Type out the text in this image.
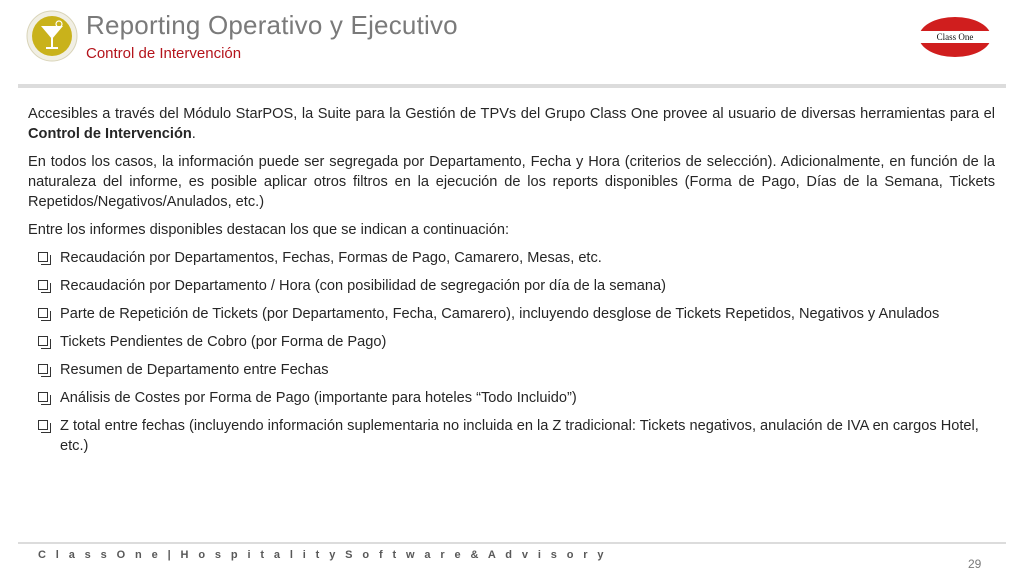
Reporting Operativo y Ejecutivo
Control de Intervención
Class One

Accesibles a través del Módulo StarPOS, la Suite para la Gestión de TPVs del Grupo Class One provee al usuario de diversas herramientas para el Control de Intervención.

En todos los casos, la información puede ser segregada por Departamento, Fecha y Hora (criterios de selección). Adicionalmente, en función de la naturaleza del informe, es posible aplicar otros filtros en la ejecución de los reports disponibles (Forma de Pago, Días de la Semana, Tickets Repetidos/Negativos/Anulados, etc.)

Entre los informes disponibles destacan los que se indican a continuación:

Recaudación por Departamentos, Fechas, Formas de Pago, Camarero, Mesas, etc.
Recaudación por Departamento / Hora (con posibilidad de segregación por día de la semana)
Parte de Repetición de Tickets (por Departamento, Fecha, Camarero), incluyendo desglose de Tickets Repetidos, Negativos y Anulados
Tickets Pendientes de Cobro (por Forma de Pago)
Resumen de Departamento entre Fechas
Análisis de Costes por Forma de Pago (importante para hoteles “Todo Incluido”)
Z total entre fechas (incluyendo información suplementaria no incluida en la Z tradicional: Tickets negativos, anulación de IVA en cargos Hotel, etc.)
C l a s s O n e | H o s p i t a l i t y S o f t w a r e & A d v i s o r y
29
